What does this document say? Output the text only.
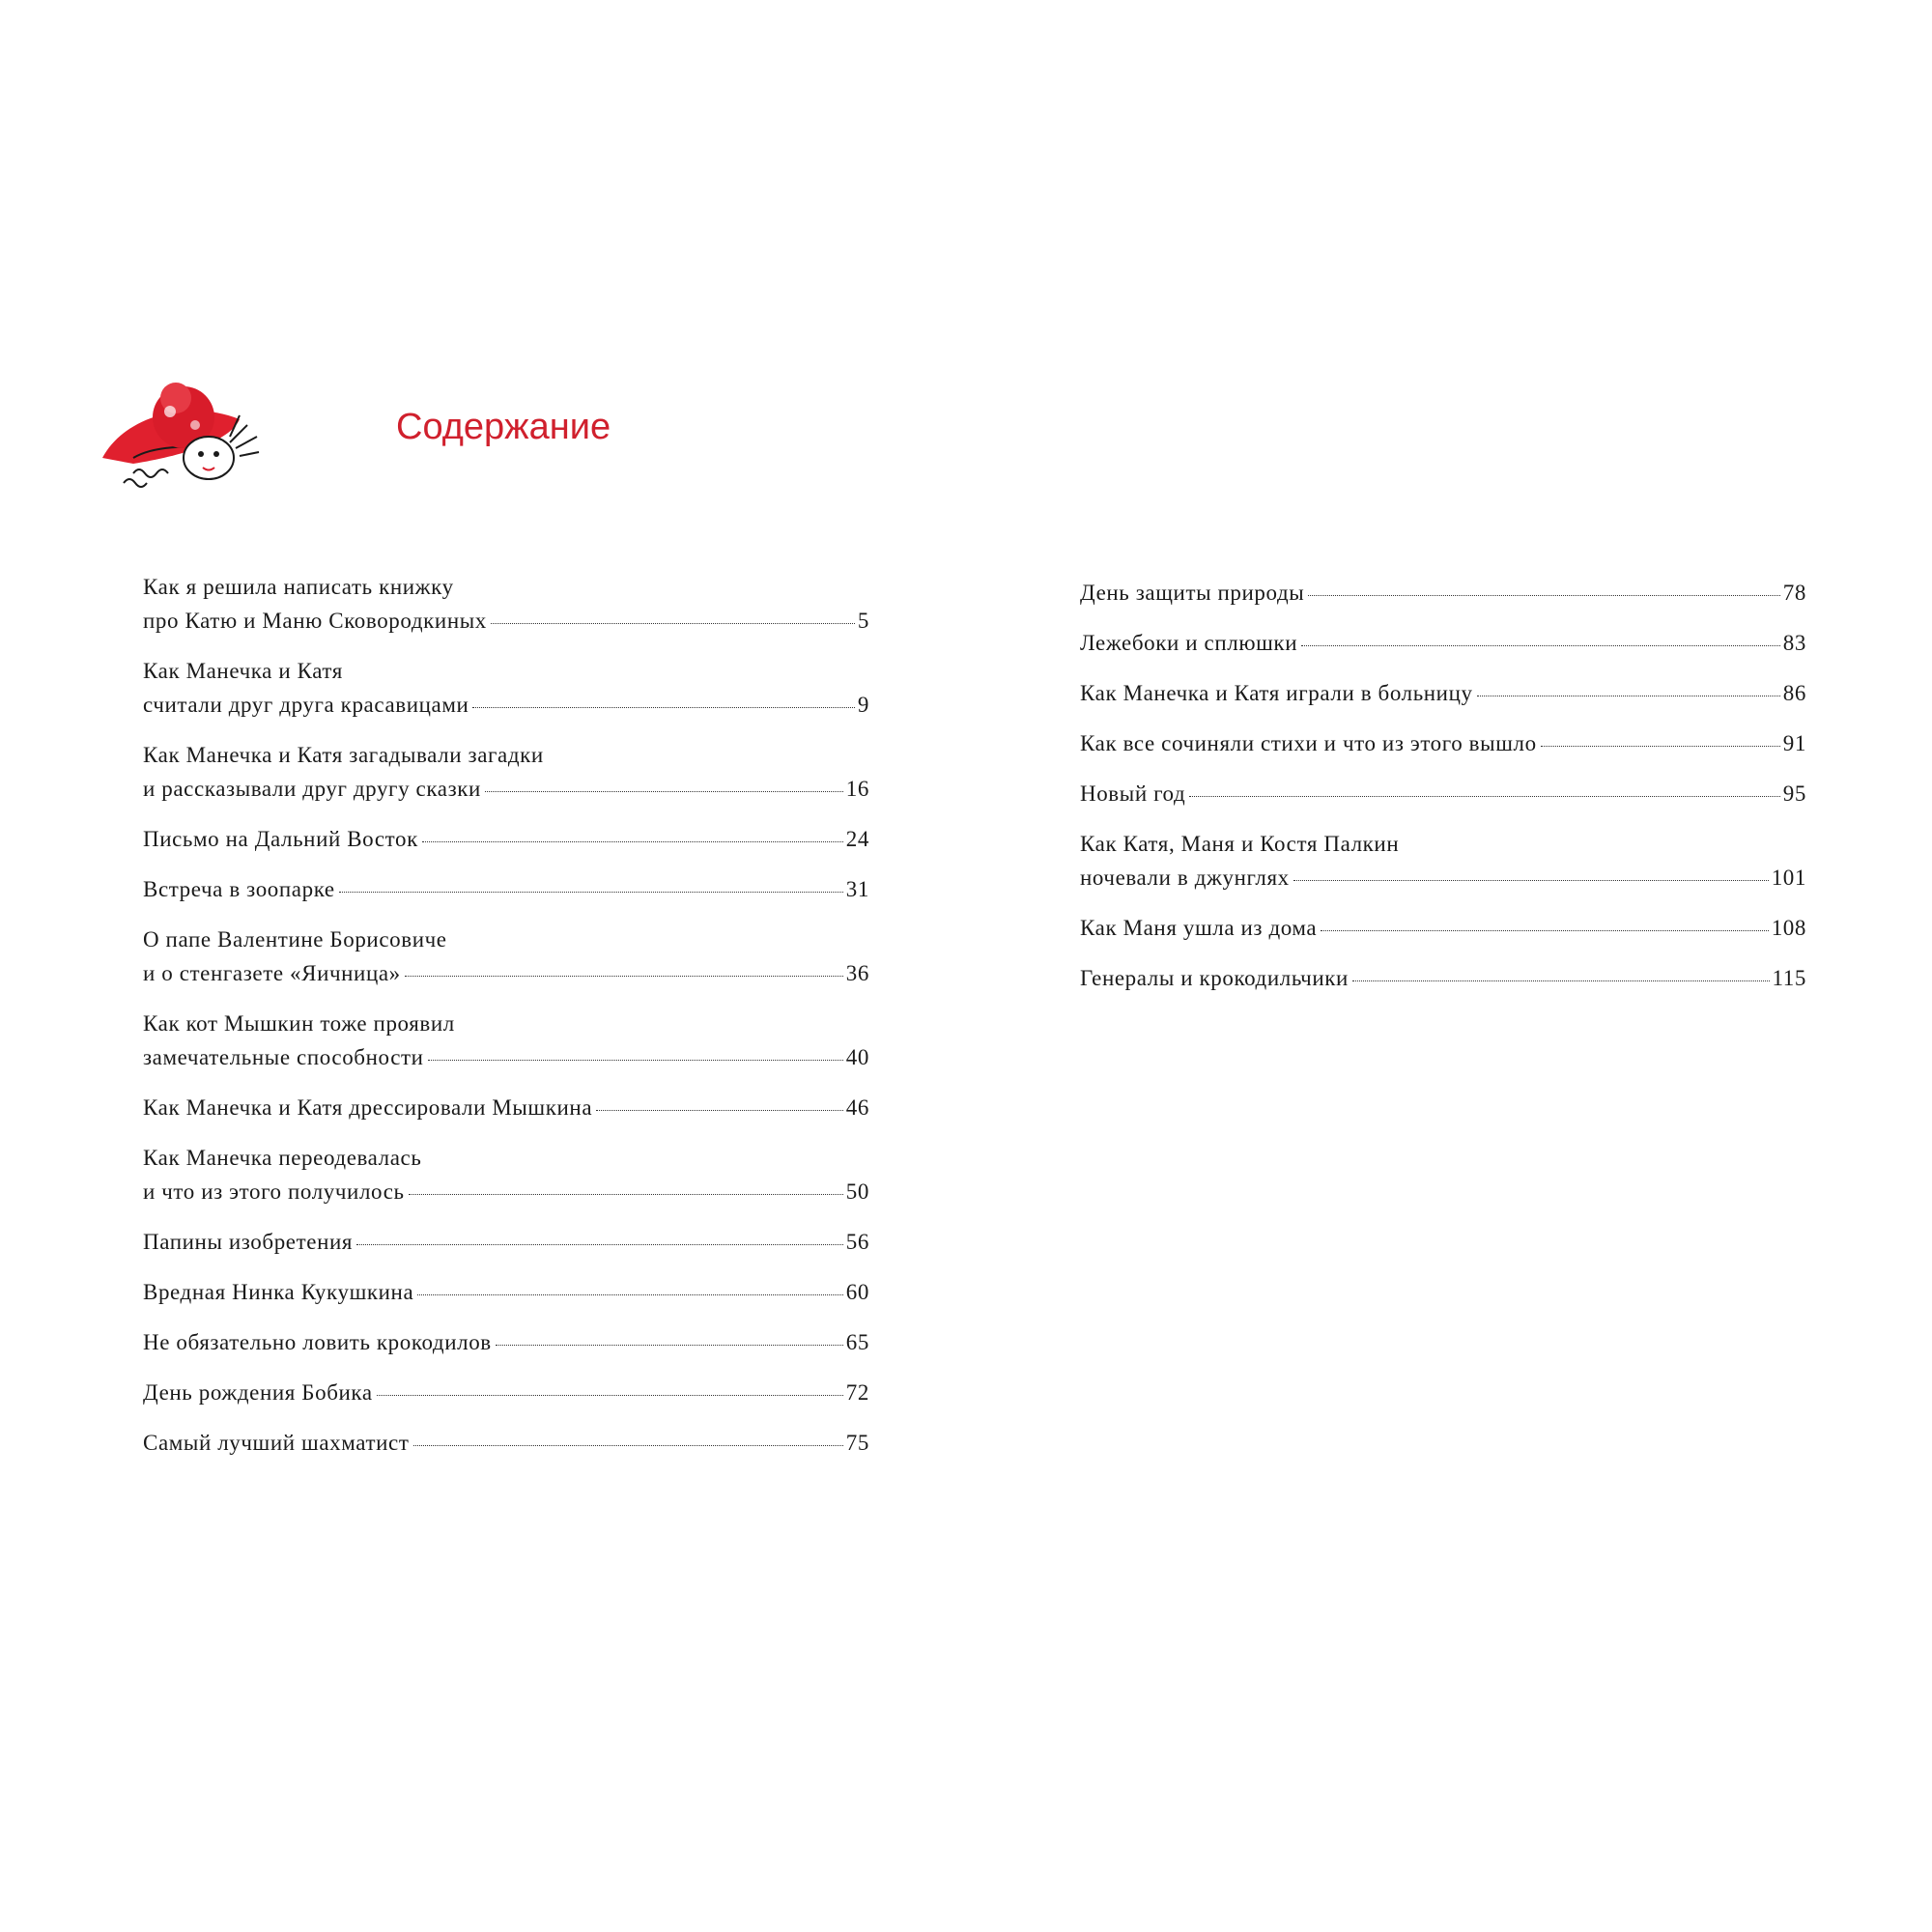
Содержание
Как я решила написать книжку
про Катю и Маню Сковородкиных	5
Как Манечка и Катя
считали друг друга красавицами	9
Как Манечка и Катя загадывали загадки
и рассказывали друг другу сказки	16
Письмо на Дальний Восток	24
Встреча в зоопарке	31
О папе Валентине Борисовиче
и о стенгазете «Яичница»	36
Как кот Мышкин тоже проявил
замечательные способности	40
Как Манечка и Катя дрессировали Мышкина	46
Как Манечка переодевалась
и что из этого получилось	50
Папины изобретения	56
Вредная Нинка Кукушкина	60
Не обязательно ловить крокодилов	65
День рождения Бобика	72
Самый лучший шахматист	75
День защиты природы	78
Лежебоки и сплюшки	83
Как Манечка и Катя играли в больницу	86
Как все сочиняли стихи и что из этого вышло	91
Новый год	95
Как Катя, Маня и Костя Палкин
ночевали в джунглях	101
Как Маня ушла из дома	108
Генералы и крокодильчики	115
